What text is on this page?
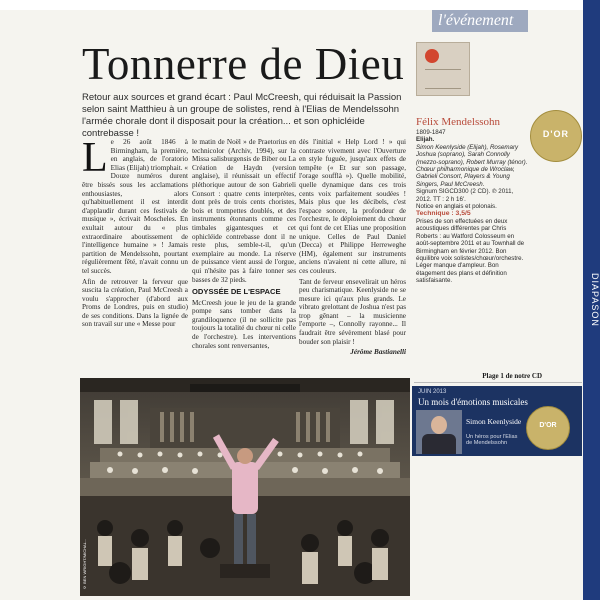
l'événement
DIAPASON
Tonnerre de Dieu
Retour aux sources et grand écart : Paul McCreesh, qui réduisait la Passion selon saint Matthieu à un groupe de solistes, rend à l'Elias de Mendelssohn l'armée chorale dont il disposait pour la création... et son ophicléide contrebasse !
L e 26 août 1846 à Birmingham, la première, en anglais, de l'oratorio Elias (Elijah) triomphait. « Douze numéros durent être bissés sous les acclamations enthousiastes, alors qu'habituellement il est interdit d'applaudir durant ces festivals de musique », écrivait Moscheles. En exultait autour du « plus extraordinaire aboutissement de l'intelligence humaine » ! Jamais partition de Mendelssohn, pourtant régulièrement fêté, n'avait connu un tel succès.

Afin de retrouver la ferveur que suscita la création, Paul McCreesh a voulu s'approcher (d'abord aux Proms de Londres, puis en studio) de ses conditions. Dans la lignée de son travail sur une « Messe pour

le matin de Noël » de Praetorius en technicolor (Archiv, 1994), sur la Missa salisburgensis de Biber ou La Création de Haydn (version anglaise), il réunissait un effectif pléthorique autour de son Gabrieli Consort : quatre cents interprètes, dont près de trois cents choristes, bois et trompettes doublés, et des instruments étonnants comme ces timbales gigantesques et cet ophicléide contrebasse dont il ne reste plus, semble-t-il, qu'un exemplaire au monde. La réserve de puissance vient aussi de l'orgue, qui n'hésite pas à faire tonner ses basses de 32 pieds.

ODYSSÉE DE L'ESPACE

McCreesh joue le jeu de la grande pompe sans tomber dans la grandiloquence (il ne sollicite pas toujours la totalité du chœur ni celle de l'orchestre). Les interventions chorales sont renversantes,

dès l'initial « Help Lord ! » qui contraste vivement avec l'Ouverture en style fuguée, jusqu'aux effets de tempête (« Et sur son passage, l'orage soufflà »). Quelle mobilité, quelle dynamique dans ces trois cents voix parfaitement soudées ! Mais plus que les décibels, c'est l'espace sonore, la profondeur de l'orchestre, le déploiement du chœur qui font de cet Elias une proposition unique. Celles de Paul Daniel (Decca) et Philippe Herreweghe (HM), également sur instruments anciens n'avaient ni cette allure, ni ces couleurs.

Tant de ferveur ensevelirait un héros peu charismatique. Keenlyside ne se mesure ici qu'aux plus grands. Le vibrato grelottant de Joshua n'est pas trop gênant – la musicienne l'emporte –, Connolly rayonne... Il faudrait être sévèrement blasé pour bouder son plaisir !

Jérôme Bastianelli
D'OR

Félix Mendelssohn

1809-1847

Elijah.

Simon Keenlyside (Elijah), Rosemary Joshua (soprano), Sarah Connolly (mezzo-soprano), Robert Murray (ténor). Chœur philharmonique de Wroclaw, Gabrieli Consort, Players & Young Singers, Paul McCreesh.

Signum SIGCD300 (2 CD). ℗ 2011, 2012. TT : 2 h 16'.

Notice en anglais et polonais.

Technique : 3,5/5

Prises de son effectuées en deux acoustiques différentes par Chris Roberts : au Watford Colosseum en août-septembre 2011 et au Townhall de Birmingham en février 2012. Bon équilibre voix solistes/chœur/orchestre. Léger manque d'ampleur. Bon étagement des plans et définition satisfaisante.

Plage 1 de notre CD
JUIN 2013
Un mois d'émotions musicales
Simon Keenlyside
Un héros pour l'Elias de Mendelssohn
D'OR
© BEN WRIGHT/MICHAL...
